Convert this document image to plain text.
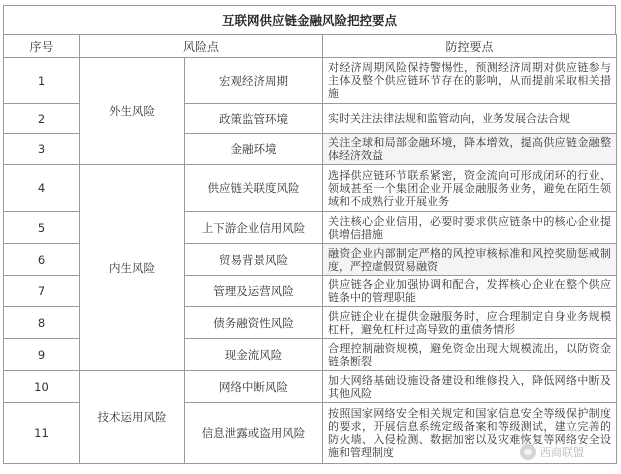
互联网供应链金融风险把控要点
序号	风险点		防控要点
1	外生风险	宏观经济周期	对经济周期风险保持警惕性，预测经济周期对供应链参与主体及整个供应链环节存在的影响，从而提前采取相关措施
2		政策监管环境	实时关注法律法规和监管动向，业务发展合法合规
3		金融环境	关注全球和局部金融环境，降本增效，提高供应链金融整体经济效益
4	内生风险	供应链关联度风险	选择供应链环节联系紧密，资金流向可形成闭环的行业、领域甚至一个集团企业开展金融服务业务，避免在陌生领域和不成熟行业开展业务
5		上下游企业信用风险	关注核心企业信用，必要时要求供应链条中的核心企业提供增信措施
6		贸易背景风险	融资企业内部制定严格的风控审核标准和风控奖励惩戒制度，严控虚假贸易融资
7		管理及运营风险	供应链各企业加强协调和配合，发挥核心企业在整个供应链条中的管理职能
8		债务融资性风险	供应链企业在提供金融服务时，应合理制定自身业务规模杠杆，避免杠杆过高导致的重债务情形
9		现金流风险	合理控制融资规模，避免资金出现大规模流出，以防资金链条断裂
10	技术运用风险	网络中断风险	加大网络基础设施设备建设和维修投入，降低网络中断及其他风险
11		信息泄露或盗用风险	按照国家网络安全相关规定和国家信息安全等级保护制度的要求，开展信息系统定级备案和等级测试，建立完善的防火墙、入侵检测、数据加密以及灾难恢复等网络安全设施和管理制度	西商联盟
